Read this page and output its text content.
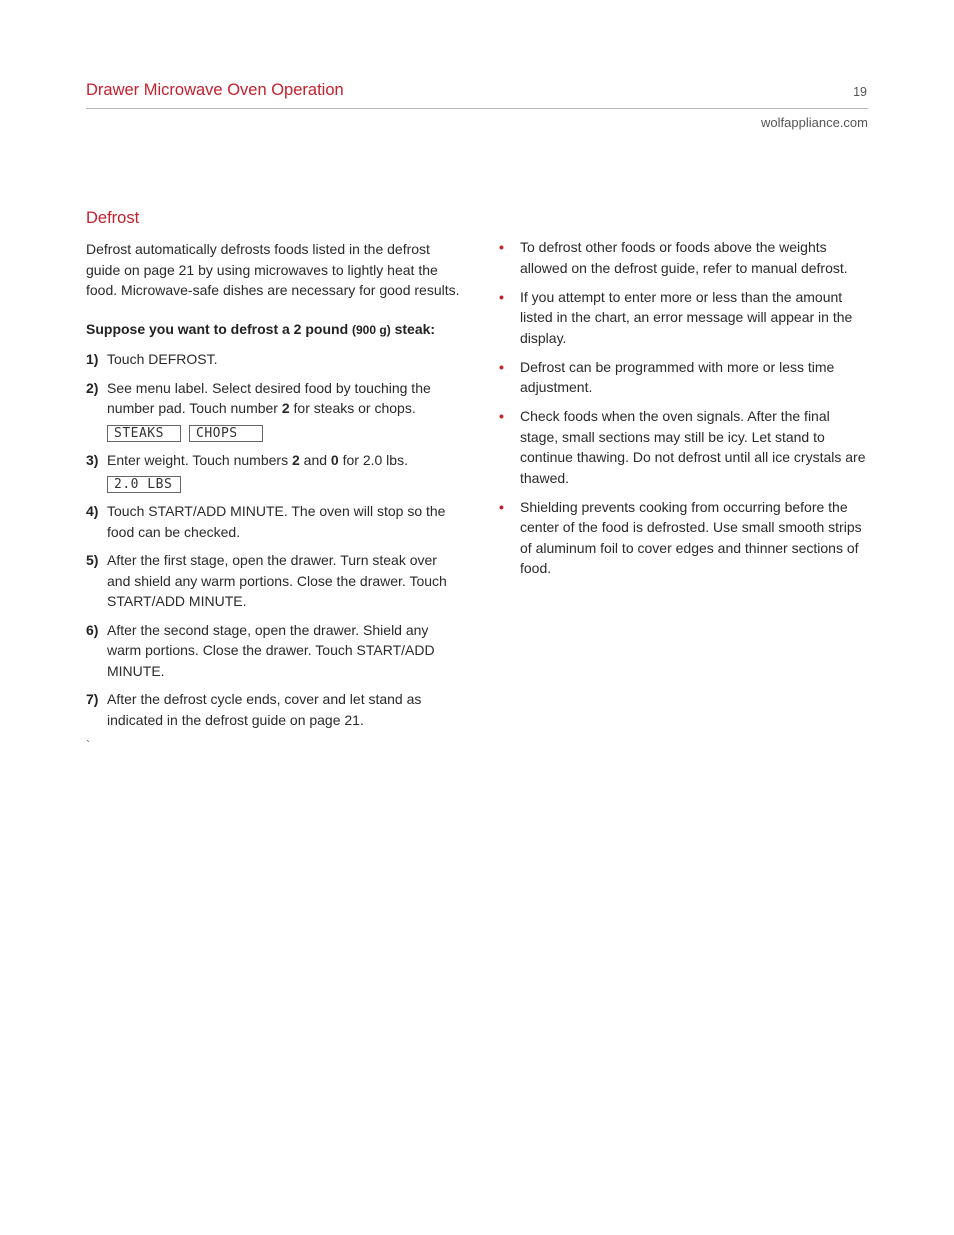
Drawer Microwave Oven Operation	19
wolfappliance.com
Defrost

Defrost automatically defrosts foods listed in the defrost guide on page 21 by using microwaves to lightly heat the food. Microwave-safe dishes are necessary for good results.

Suppose you want to defrost a 2 pound (900 g) steak:

1) Touch DEFROST.
2) See menu label. Select desired food by touching the number pad. Touch number 2 for steaks or chops.
STEAKS	CHOPS
3) Enter weight. Touch numbers 2 and 0 for 2.0 lbs.
2.0 LBS
4) Touch START/ADD MINUTE. The oven will stop so the food can be checked.
5) After the first stage, open the drawer. Turn steak over and shield any warm portions. Close the drawer. Touch START/ADD MINUTE.
6) After the second stage, open the drawer. Shield any warm portions. Close the drawer. Touch START/ADD MINUTE.
7) After the defrost cycle ends, cover and let stand as indicated in the defrost guide on page 21.
`
• To defrost other foods or foods above the weights allowed on the defrost guide, refer to manual defrost.
• If you attempt to enter more or less than the amount listed in the chart, an error message will appear in the display.
• Defrost can be programmed with more or less time adjustment.
• Check foods when the oven signals. After the final stage, small sections may still be icy. Let stand to continue thawing. Do not defrost until all ice crystals are thawed.
• Shielding prevents cooking from occurring before the center of the food is defrosted. Use small smooth strips of aluminum foil to cover edges and thinner sections of food.
